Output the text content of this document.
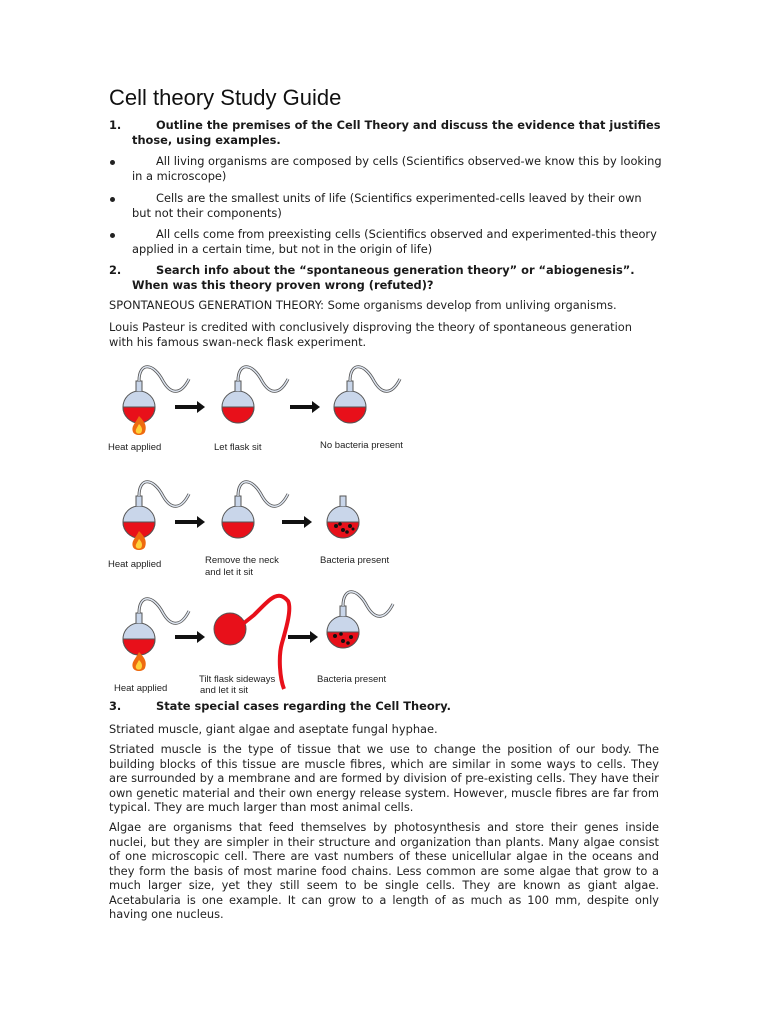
Cell theory Study Guide
1.	Outline the premises of the Cell Theory and discuss the evidence that justifies those, using examples.
All living organisms are composed by cells (Scientifics observed-we know this by looking in a microscope)
Cells are the smallest units of life (Scientifics experimented-cells leaved by their own but not their components)
All cells come from preexisting cells (Scientifics observed and experimented-this theory applied in a certain time, but not in the origin of life)
2.	Search info about the “spontaneous generation theory” or “abiogenesis”. When was this theory proven wrong (refuted)?
SPONTANEOUS GENERATION THEORY: Some organisms develop from unliving organisms.
Louis Pasteur is credited with conclusively disproving the theory of spontaneous generation with his famous swan-neck flask experiment.
Heat applied	Let flask sit	No bacteria present
Heat applied	Remove the neck
and let it sit
Bacteria present
Heat applied
Tilt flask sideways
and let it sit
Bacteria present
3.	State special cases regarding the Cell Theory.
Striated muscle, giant algae and aseptate fungal hyphae.
Striated muscle is the type of tissue that we use to change the position of our body. The building blocks of this tissue are muscle fibres, which are similar in some ways to cells. They are surrounded by a membrane and are formed by division of pre-existing cells. They have their own genetic material and their own energy release system. However, muscle fibres are far from typical. They are much larger than most animal cells.
Algae are organisms that feed themselves by photosynthesis and store their genes inside nuclei, but they are simpler in their structure and organization than plants. Many algae consist of one microscopic cell. There are vast numbers of these unicellular algae in the oceans and they form the basis of most marine food chains. Less common are some algae that grow to a much larger size, yet they still seem to be single cells. They are known as giant algae. Acetabularia is one example. It can grow to a length of as much as 100 mm, despite only having one nucleus.
